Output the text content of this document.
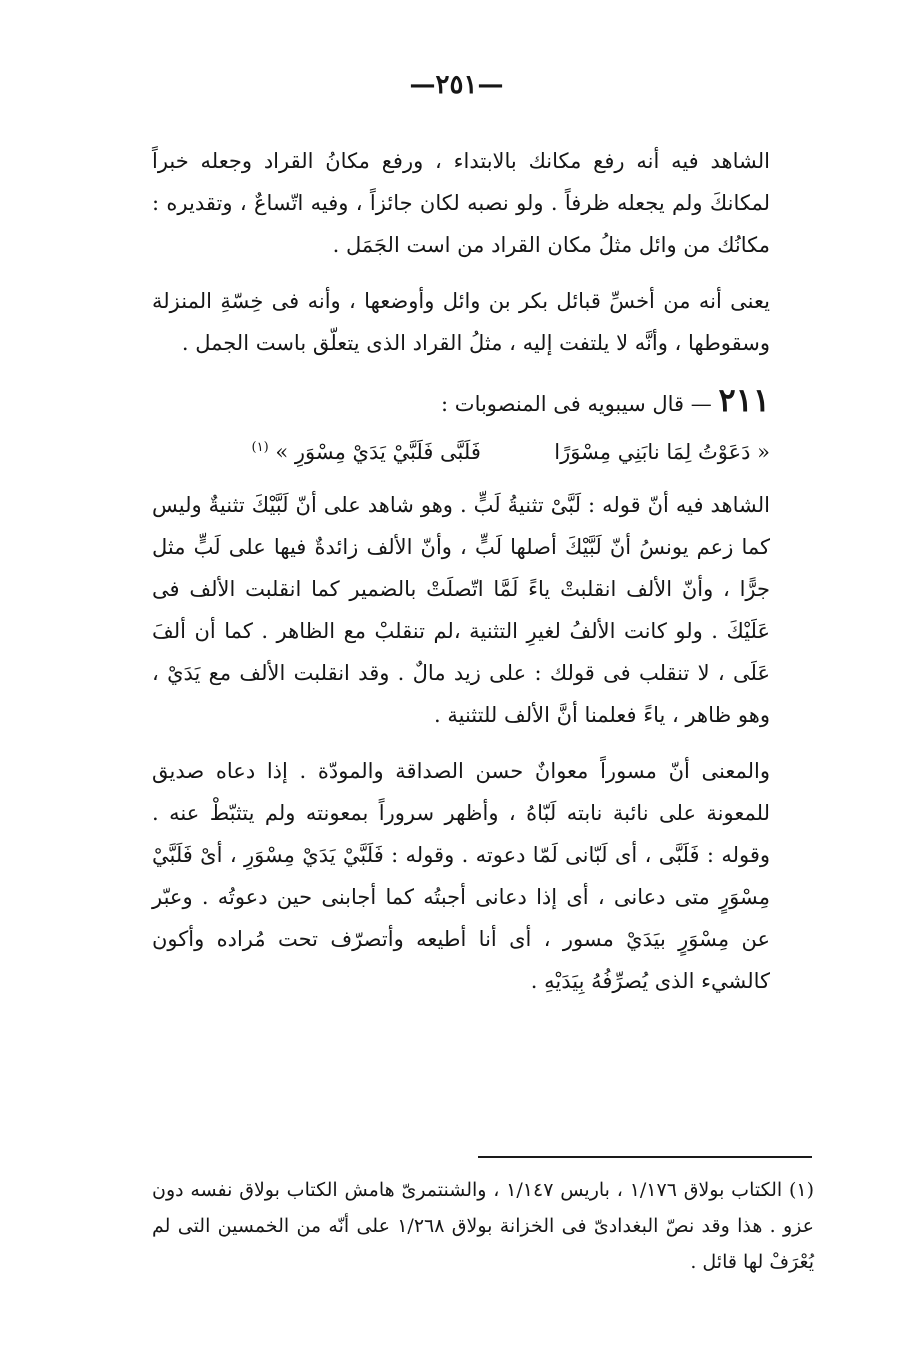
—٢٥١—

الشاهد فيه أنه رفع مكانك بالابتداء ، ورفع مكانُ القراد وجعله خبراً لمكانكَ ولم يجعله ظرفاً . ولو نصبه لكان جائزاً ، وفيه اتّساعٌ ، وتقديره : مكانُك من وائل مثلُ مكان القراد من است الجَمَل .

يعنى أنه من أخسِّ قبائل بكر بن وائل وأوضعها ، وأنه فى خِسّةِ المنزلة وسقوطها ، وأنَّه لا يلتفت إليه ، مثلُ القراد الذى يتعلّق باست الجمل .

٢١١ — قال سيبويه فى المنصوبات :

« دَعَوْتُ لِمَا نابَنِي مِسْوَرًا  فَلَبَّى فَلَبَّيْ يَدَيْ مِسْوَرِ » $^{(١)}$

الشاهد فيه أنّ قوله : لَبَّىْ تثنيةُ لَبٍّ . وهو شاهد على أنّ لَبَّيْكَ تثنيةٌ وليس كما زعم يونسُ أنّ لَبَّيْكَ أصلها لَبٍّ ، وأنّ الألف زائدةٌ فيها على لَبٍّ مثل جرًّا ، وأنّ الألف انقلبتْ ياءً لَمَّا اتّصلَتْ بالضمير كما انقلبت الألف فى عَلَيْكَ . ولو كانت الألفُ لغيرِ التثنية ،لم تنقلبْ مع الظاهر . كما أن ألفَ عَلَى ، لا تنقلب فى قولك : على زيد مالٌ . وقد انقلبت الألف مع يَدَيْ ، وهو ظاهر ، ياءً فعلمنا أنَّ الألف للتثنية .

والمعنى أنّ مسوراً معوانٌ حسن الصداقة والمودّة . إذا دعاه صديق للمعونة على نائبة نابته لَبّاهُ ، وأظهر سروراً بمعونته ولم يتثبّطْ عنه . وقوله : فَلَبَّى ، أى لَبّانى لَمّا دعوته . وقوله : فَلَبَّيْ يَدَيْ مِسْوَرِ ، أىْ فَلَبَّيْ مِسْوَرٍ متى دعانى ، أى إذا دعانى أجبتُه كما أجابنى حين دعوتُه . وعبّر عن مِسْوَرٍ بيَدَيْ مسور ، أى أنا أطيعه وأتصرّف تحت مُراده وأكون كالشيء الذى يُصرِّفُهُ بِيَدَيْهِ .

(١) الكتاب بولاق ١/١٧٦ ، باريس ١/١٤٧ ، والشنتمرىّ هامش الكتاب بولاق نفسه دون عزو . هذا وقد نصّ البغدادىّ فى الخزانة بولاق ١/٢٦٨ على أنّه من الخمسين التى لم يُعْرَفْ لها قائل .
